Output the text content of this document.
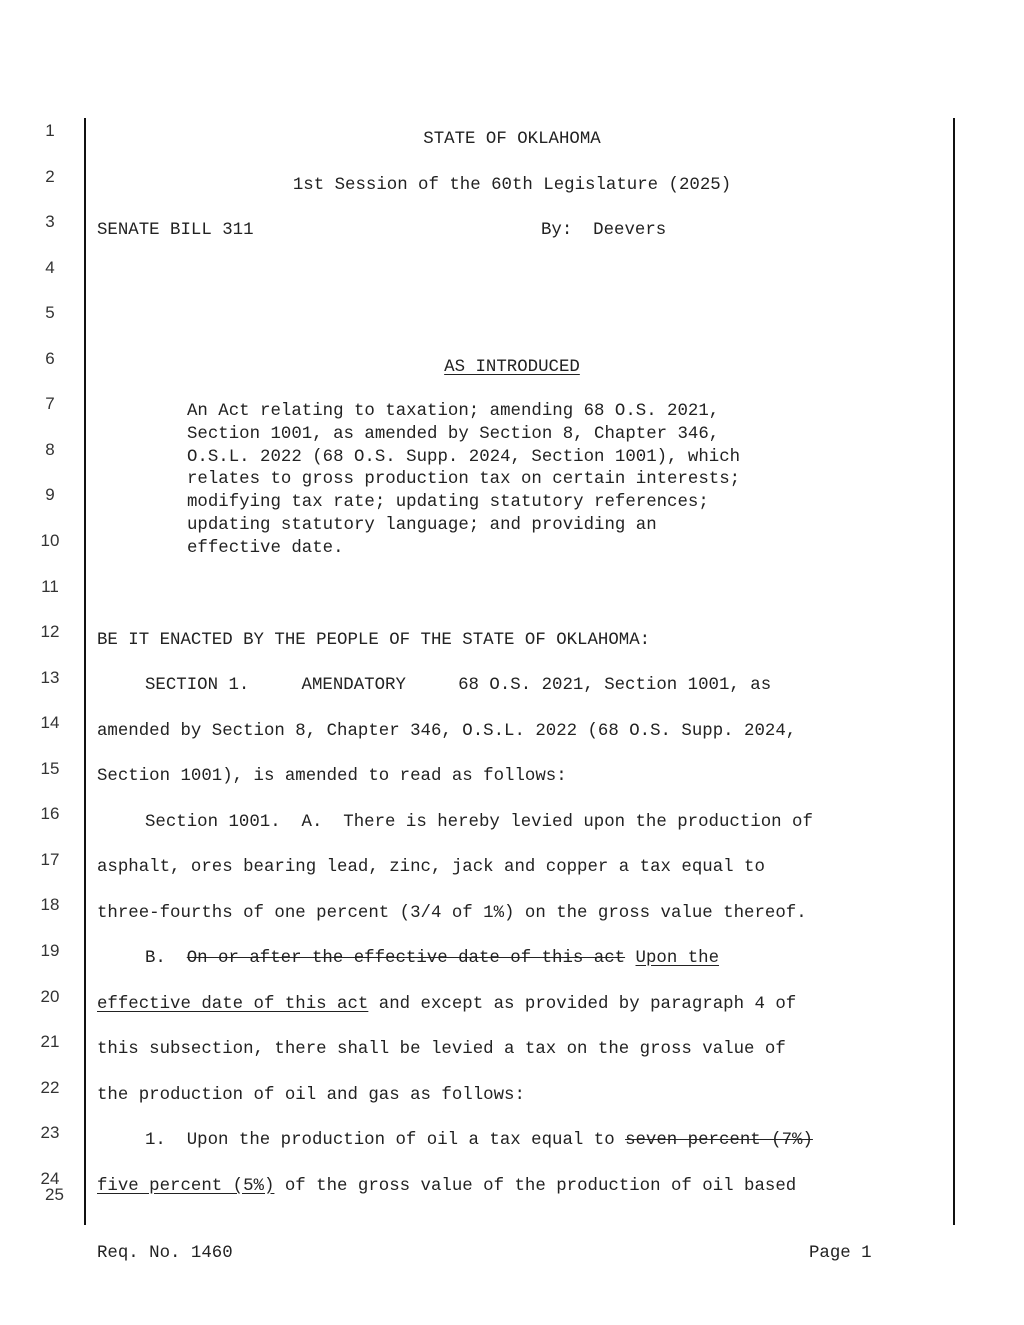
1
2
3
4
5
6
7
8
9
10
11
12
13
14
15
16
17
18
19
20
21
22
23
24
25
STATE OF OKLAHOMA
1st Session of the 60th Legislature (2025)
SENATE BILL 311	By:  Deevers
AS INTRODUCED
An Act relating to taxation; amending 68 O.S. 2021,
Section 1001, as amended by Section 8, Chapter 346,
O.S.L. 2022 (68 O.S. Supp. 2024, Section 1001), which
relates to gross production tax on certain interests;
modifying tax rate; updating statutory references;
updating statutory language; and providing an
effective date.
BE IT ENACTED BY THE PEOPLE OF THE STATE OF OKLAHOMA:
SECTION 1.     AMENDATORY     68 O.S. 2021, Section 1001, as
amended by Section 8, Chapter 346, O.S.L. 2022 (68 O.S. Supp. 2024,
Section 1001), is amended to read as follows:
Section 1001.  A.  There is hereby levied upon the production of
asphalt, ores bearing lead, zinc, jack and copper a tax equal to
three-fourths of one percent (3/4 of 1%) on the gross value thereof.
B.  On or after the effective date of this act Upon the
effective date of this act and except as provided by paragraph 4 of
this subsection, there shall be levied a tax on the gross value of
the production of oil and gas as follows:
1.  Upon the production of oil a tax equal to seven percent (7%)
five percent (5%) of the gross value of the production of oil based
Req. No. 1460	Page 1
